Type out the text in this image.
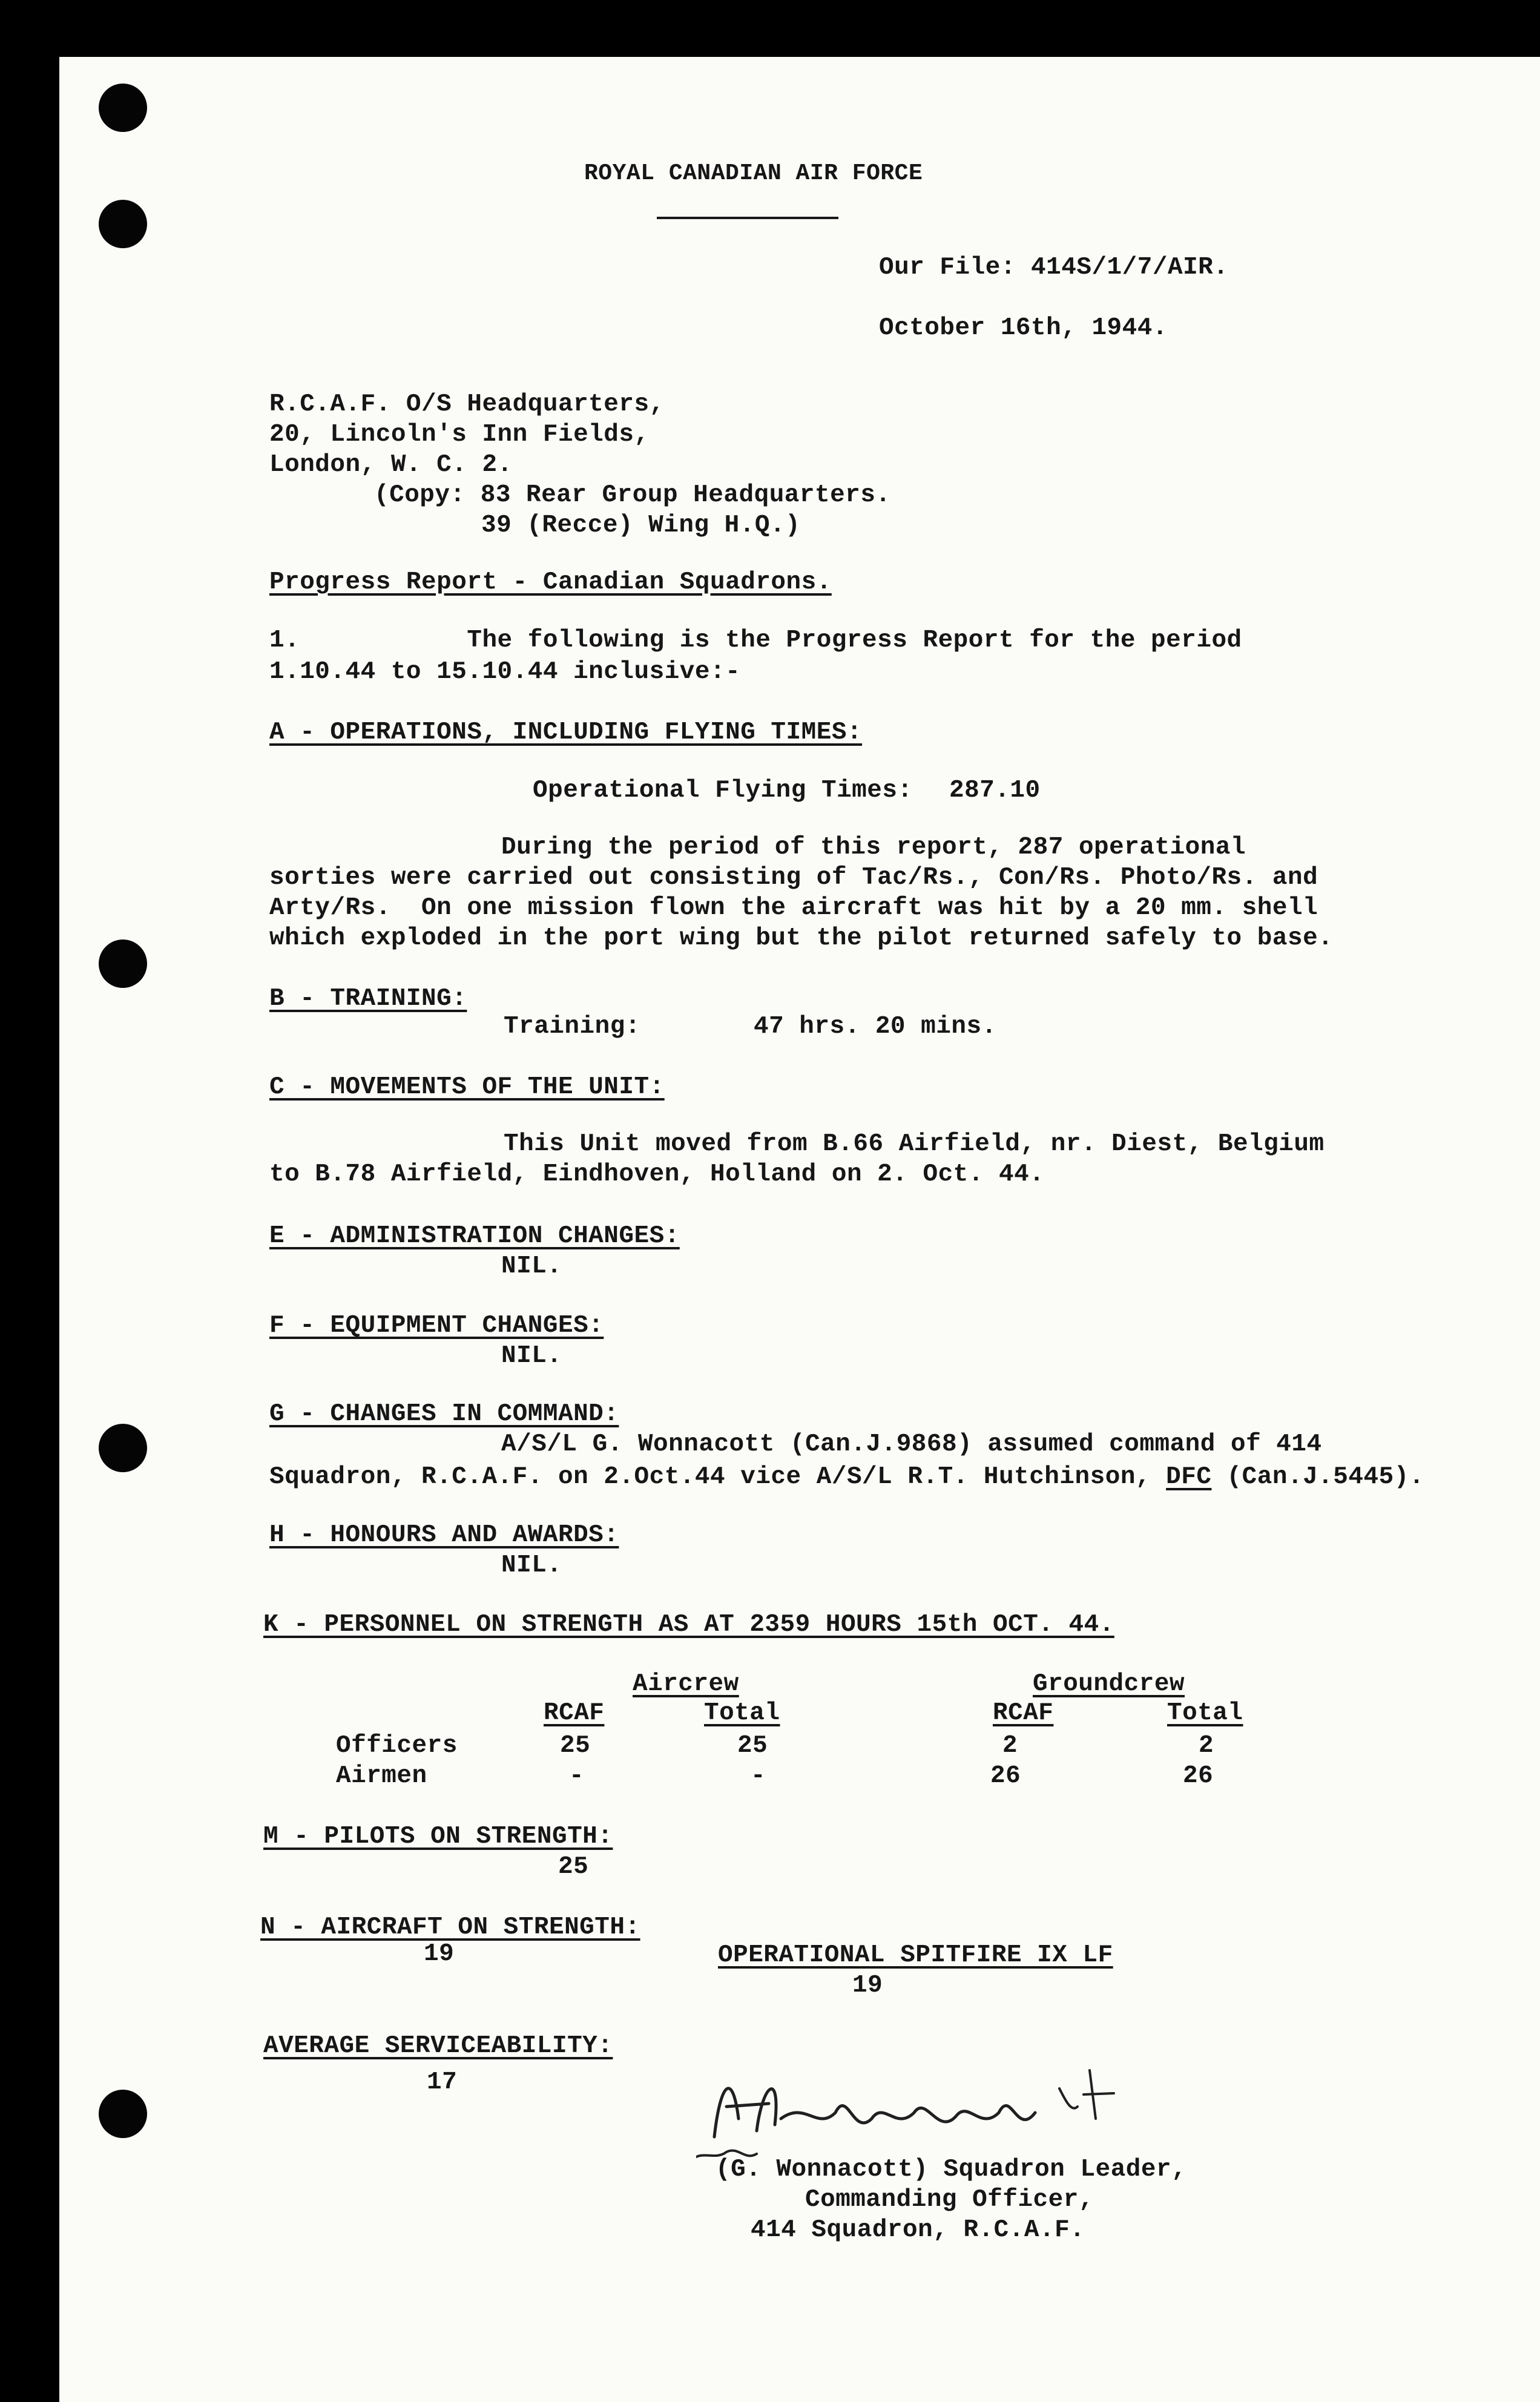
ROYAL CANADIAN AIR FORCE
Our File: 414S/1/7/AIR.
October 16th, 1944.
R.C.A.F. O/S Headquarters,
20, Lincoln's Inn Fields,
London, W. C. 2.
(Copy: 83 Rear Group Headquarters.
39 (Recce) Wing H.Q.)
Progress Report - Canadian Squadrons.
1.           The following is the Progress Report for the period
1.10.44 to 15.10.44 inclusive:-
A - OPERATIONS, INCLUDING FLYING TIMES:
Operational Flying Times: 287.10
During the period of this report, 287 operational
sorties were carried out consisting of Tac/Rs., Con/Rs. Photo/Rs. and
Arty/Rs.  On one mission flown the aircraft was hit by a 20 mm. shell
which exploded in the port wing but the pilot returned safely to base.
B - TRAINING:
Training:	47 hrs. 20 mins.
C - MOVEMENTS OF THE UNIT:
This Unit moved from B.66 Airfield, nr. Diest, Belgium
to B.78 Airfield, Eindhoven, Holland on 2. Oct. 44.
E - ADMINISTRATION CHANGES:
NIL.
F - EQUIPMENT CHANGES:
NIL.
G - CHANGES IN COMMAND:
A/S/L G. Wonnacott (Can.J.9868) assumed command of 414
Squadron, R.C.A.F. on 2.Oct.44 vice A/S/L R.T. Hutchinson, DFC (Can.J.5445).
H - HONOURS AND AWARDS:
NIL.
K - PERSONNEL ON STRENGTH AS AT 2359 HOURS 15th OCT. 44.
Aircrew	Groundcrew
RCAF	Total	RCAF	Total
Officers	25	25	2	2
Airmen	-	-	26	26
M - PILOTS ON STRENGTH:
25
N - AIRCRAFT ON STRENGTH:
19	OPERATIONAL SPITFIRE IX LF
19
AVERAGE SERVICEABILITY:
17
(G. Wonnacott) Squadron Leader,
Commanding Officer,
414 Squadron, R.C.A.F.
